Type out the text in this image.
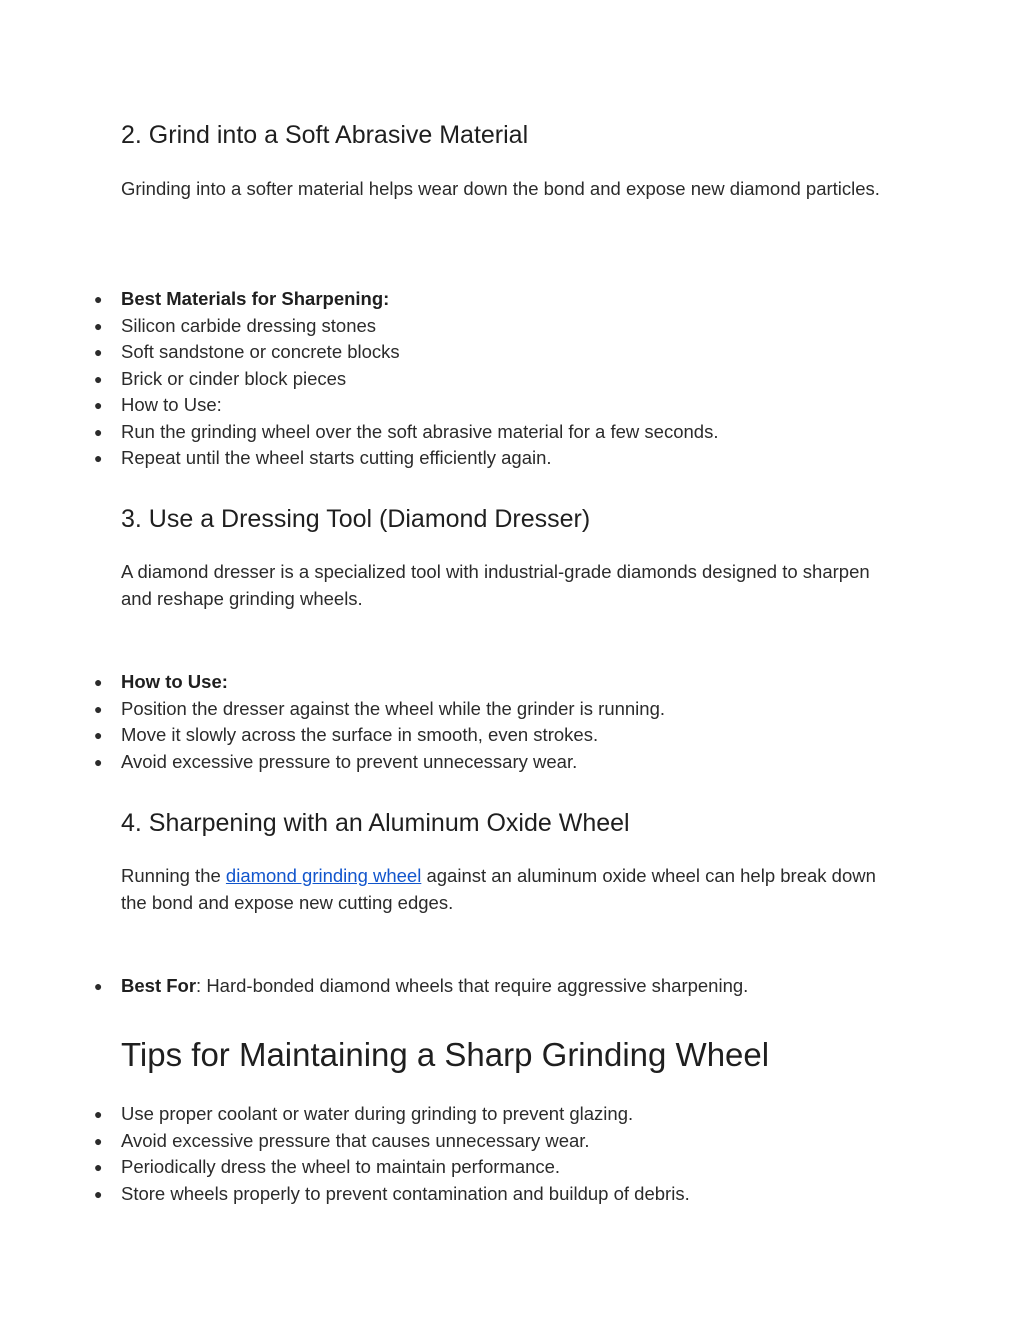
2. Grind into a Soft Abrasive Material

Grinding into a softer material helps wear down the bond and expose new diamond particles.

● Best Materials for Sharpening:
● Silicon carbide dressing stones
● Soft sandstone or concrete blocks
● Brick or cinder block pieces
● How to Use:
● Run the grinding wheel over the soft abrasive material for a few seconds.
● Repeat until the wheel starts cutting efficiently again.
3. Use a Dressing Tool (Diamond Dresser)

A diamond dresser is a specialized tool with industrial-grade diamonds designed to sharpen and reshape grinding wheels.

● How to Use:
● Position the dresser against the wheel while the grinder is running.
● Move it slowly across the surface in smooth, even strokes.
● Avoid excessive pressure to prevent unnecessary wear.
4. Sharpening with an Aluminum Oxide Wheel

Running the diamond grinding wheel against an aluminum oxide wheel can help break down the bond and expose new cutting edges.

● Best For: Hard-bonded diamond wheels that require aggressive sharpening.
Tips for Maintaining a Sharp Grinding Wheel
● Use proper coolant or water during grinding to prevent glazing.
● Avoid excessive pressure that causes unnecessary wear.
● Periodically dress the wheel to maintain performance.
● Store wheels properly to prevent contamination and buildup of debris.
